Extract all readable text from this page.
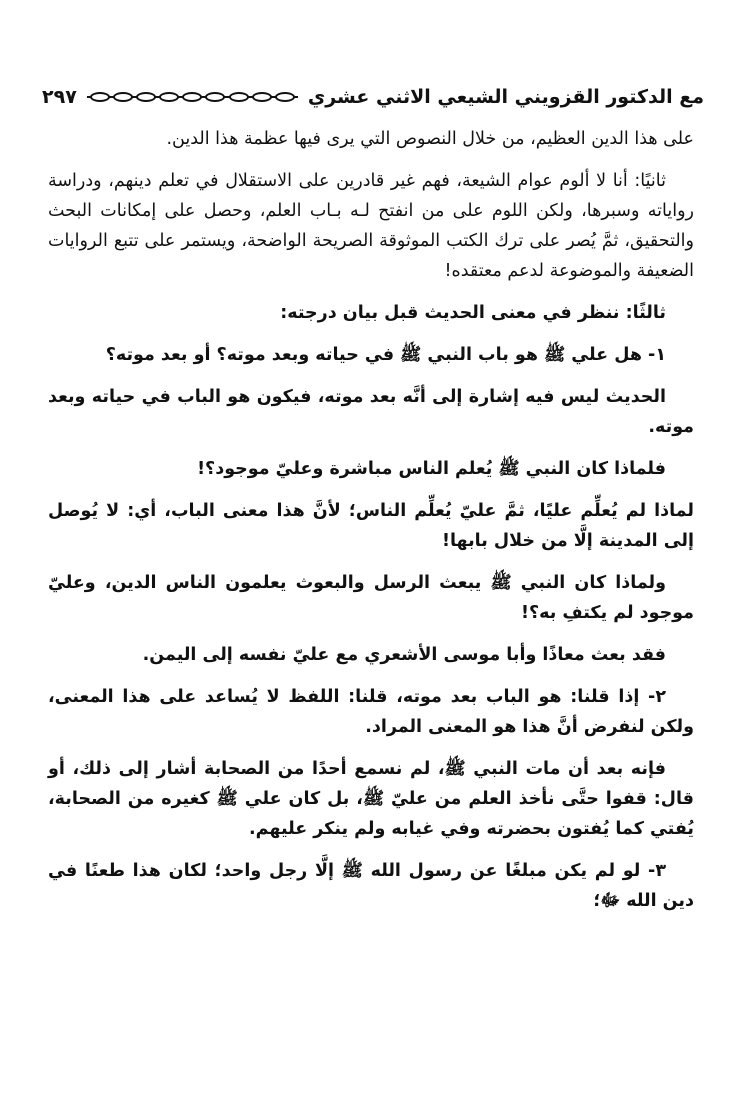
مع الدكتور القزويني الشيعي الاثني عشري
٢٩٧

على هذا الدين العظيم، من خلال النصوص التي يرى فيها عظمة هذا الدين.

ثانيًا: أنا لا ألوم عوام الشيعة، فهم غير قادرين على الاستقلال في تعلم دينهم، ودراسة رواياته وسبرها، ولكن اللوم على من انفتح لـه بـاب العلم، وحصل على إمكانات البحث والتحقيق، ثمَّ يُصر على ترك الكتب الموثوقة الصريحة الواضحة، ويستمر على تتبع الروايات الضعيفة والموضوعة لدعم معتقده!

ثالثًا: ننظر في معنى الحديث قبل بيان درجته:

١- هل علي ﷺ هو باب النبي ﷺ في حياته وبعد موته؟ أو بعد موته؟

الحديث ليس فيه إشارة إلى أنَّه بعد موته، فيكون هو الباب في حياته وبعد موته.

فلماذا كان النبي ﷺ يُعلم الناس مباشرة وعليّ موجود؟!

لماذا لم يُعلِّم عليًا، ثمَّ عليّ يُعلِّم الناس؛ لأنَّ هذا معنى الباب، أي: لا يُوصل إلى المدينة إلَّا من خلال بابها!

ولماذا كان النبي ﷺ يبعث الرسل والبعوث يعلمون الناس الدين، وعليّ موجود لم يكتفِ به؟!

فقد بعث معاذًا وأبا موسى الأشعري مع عليّ نفسه إلى اليمن.

٢- إذا قلنا: هو الباب بعد موته، قلنا: اللفظ لا يُساعد على هذا المعنى، ولكن لنفرض أنَّ هذا هو المعنى المراد.

فإنه بعد أن مات النبي ﷺ، لم نسمع أحدًا من الصحابة أشار إلى ذلك، أو قال: قفوا حتَّى نأخذ العلم من عليّ ﷺ، بل كان علي ﷺ كغيره من الصحابة، يُفتي كما يُفتون بحضرته وفي غيابه ولم ينكر عليهم.

٣- لو لم يكن مبلغًا عن رسول الله ﷺ إلَّا رجل واحد؛ لكان هذا طعنًا في دين الله ﷻ؛
